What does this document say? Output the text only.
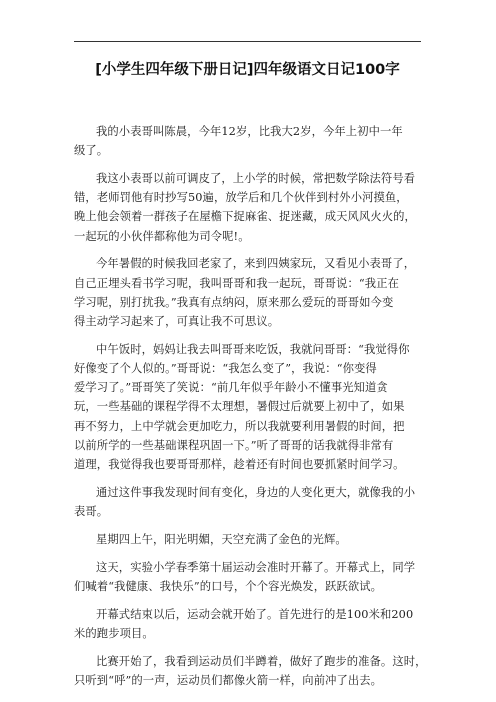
[小学生四年级下册日记]四年级语文日记100字

我的小表哥叫陈晨，今年12岁，比我大2岁，今年上初中一年
级了。

我这小表哥以前可调皮了，上小学的时候，常把数学除法符号看
错，老师罚他有时抄写50遍，放学后和几个伙伴到村外小河摸鱼，
晚上他会领着一群孩子在屋檐下捉麻雀、捉迷藏，成天风风火火的，
一起玩的小伙伴都称他为司令呢!。

今年暑假的时候我回老家了，来到四姨家玩，又看见小表哥了，
自己正埋头看书学习呢，我叫哥哥和我一起玩，哥哥说：“我正在
学习呢，别打扰我。”我真有点纳闷，原来那么爱玩的哥哥如今变
得主动学习起来了，可真让我不可思议。

中午饭时，妈妈让我去叫哥哥来吃饭，我就问哥哥：“我觉得你
好像变了个人似的。”哥哥说：“我怎么变了”，我说：“你变得
爱学习了。”哥哥笑了笑说：“前几年似乎年龄小不懂事光知道贪
玩，一些基础的课程学得不太理想，暑假过后就要上初中了，如果
再不努力，上中学就会更加吃力，所以我就要利用暑假的时间，把
以前所学的一些基础课程巩固一下。”听了哥哥的话我就得非常有
道理，我觉得我也要哥哥那样，趁着还有时间也要抓紧时间学习。

通过这件事我发现时间有变化，身边的人变化更大，就像我的小
表哥。

星期四上午，阳光明媚，天空充满了金色的光辉。

这天，实验小学春季第十届运动会准时开幕了。开幕式上，同学
们喊着“我健康、我快乐”的口号，个个容光焕发，跃跃欲试。

开幕式结束以后，运动会就开始了。首先进行的是100米和200
米的跑步项目。

比赛开始了，我看到运动员们半蹲着，做好了跑步的准备。这时，
只听到“呼”的一声，运动员们都像火箭一样，向前冲了出去。
